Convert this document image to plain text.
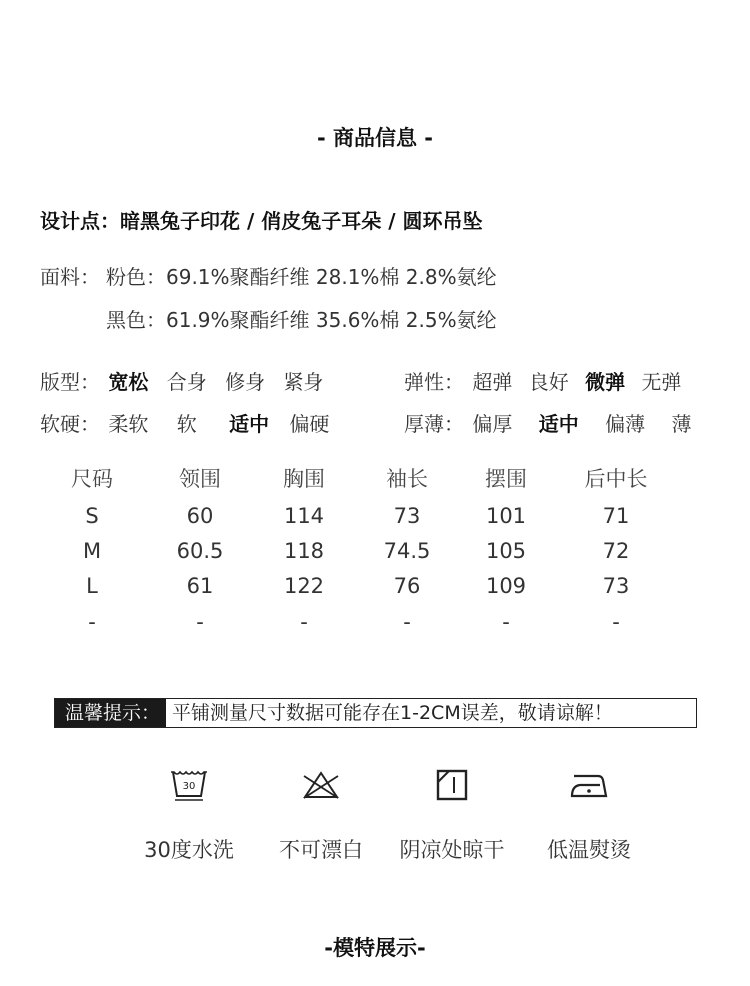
- 商品信息 -
设计点：暗黑兔子印花 / 俏皮兔子耳朵 / 圆环吊坠
面料： 粉色：69.1%聚酯纤维 28.1%棉 2.8%氨纶
黑色：61.9%聚酯纤维 35.6%棉 2.5%氨纶
版型： 宽松 合身 修身 紧身	弹性： 超弹 良好 微弹 无弹
软硬： 柔软 软 适中 偏硬	厚薄： 偏厚 适中 偏薄 薄
尺码	领围	胸围	袖长	摆围	后中长
S	60	114	73	101	71
M	60.5	118	74.5	105	72
L	61	122	76	109	73
-	-	-	-	-	-
温馨提示： 平铺测量尺寸数据可能存在1-2CM误差，敬请谅解！
30
30度水洗	不可漂白	阴凉处晾干	低温熨烫
-模特展示-
